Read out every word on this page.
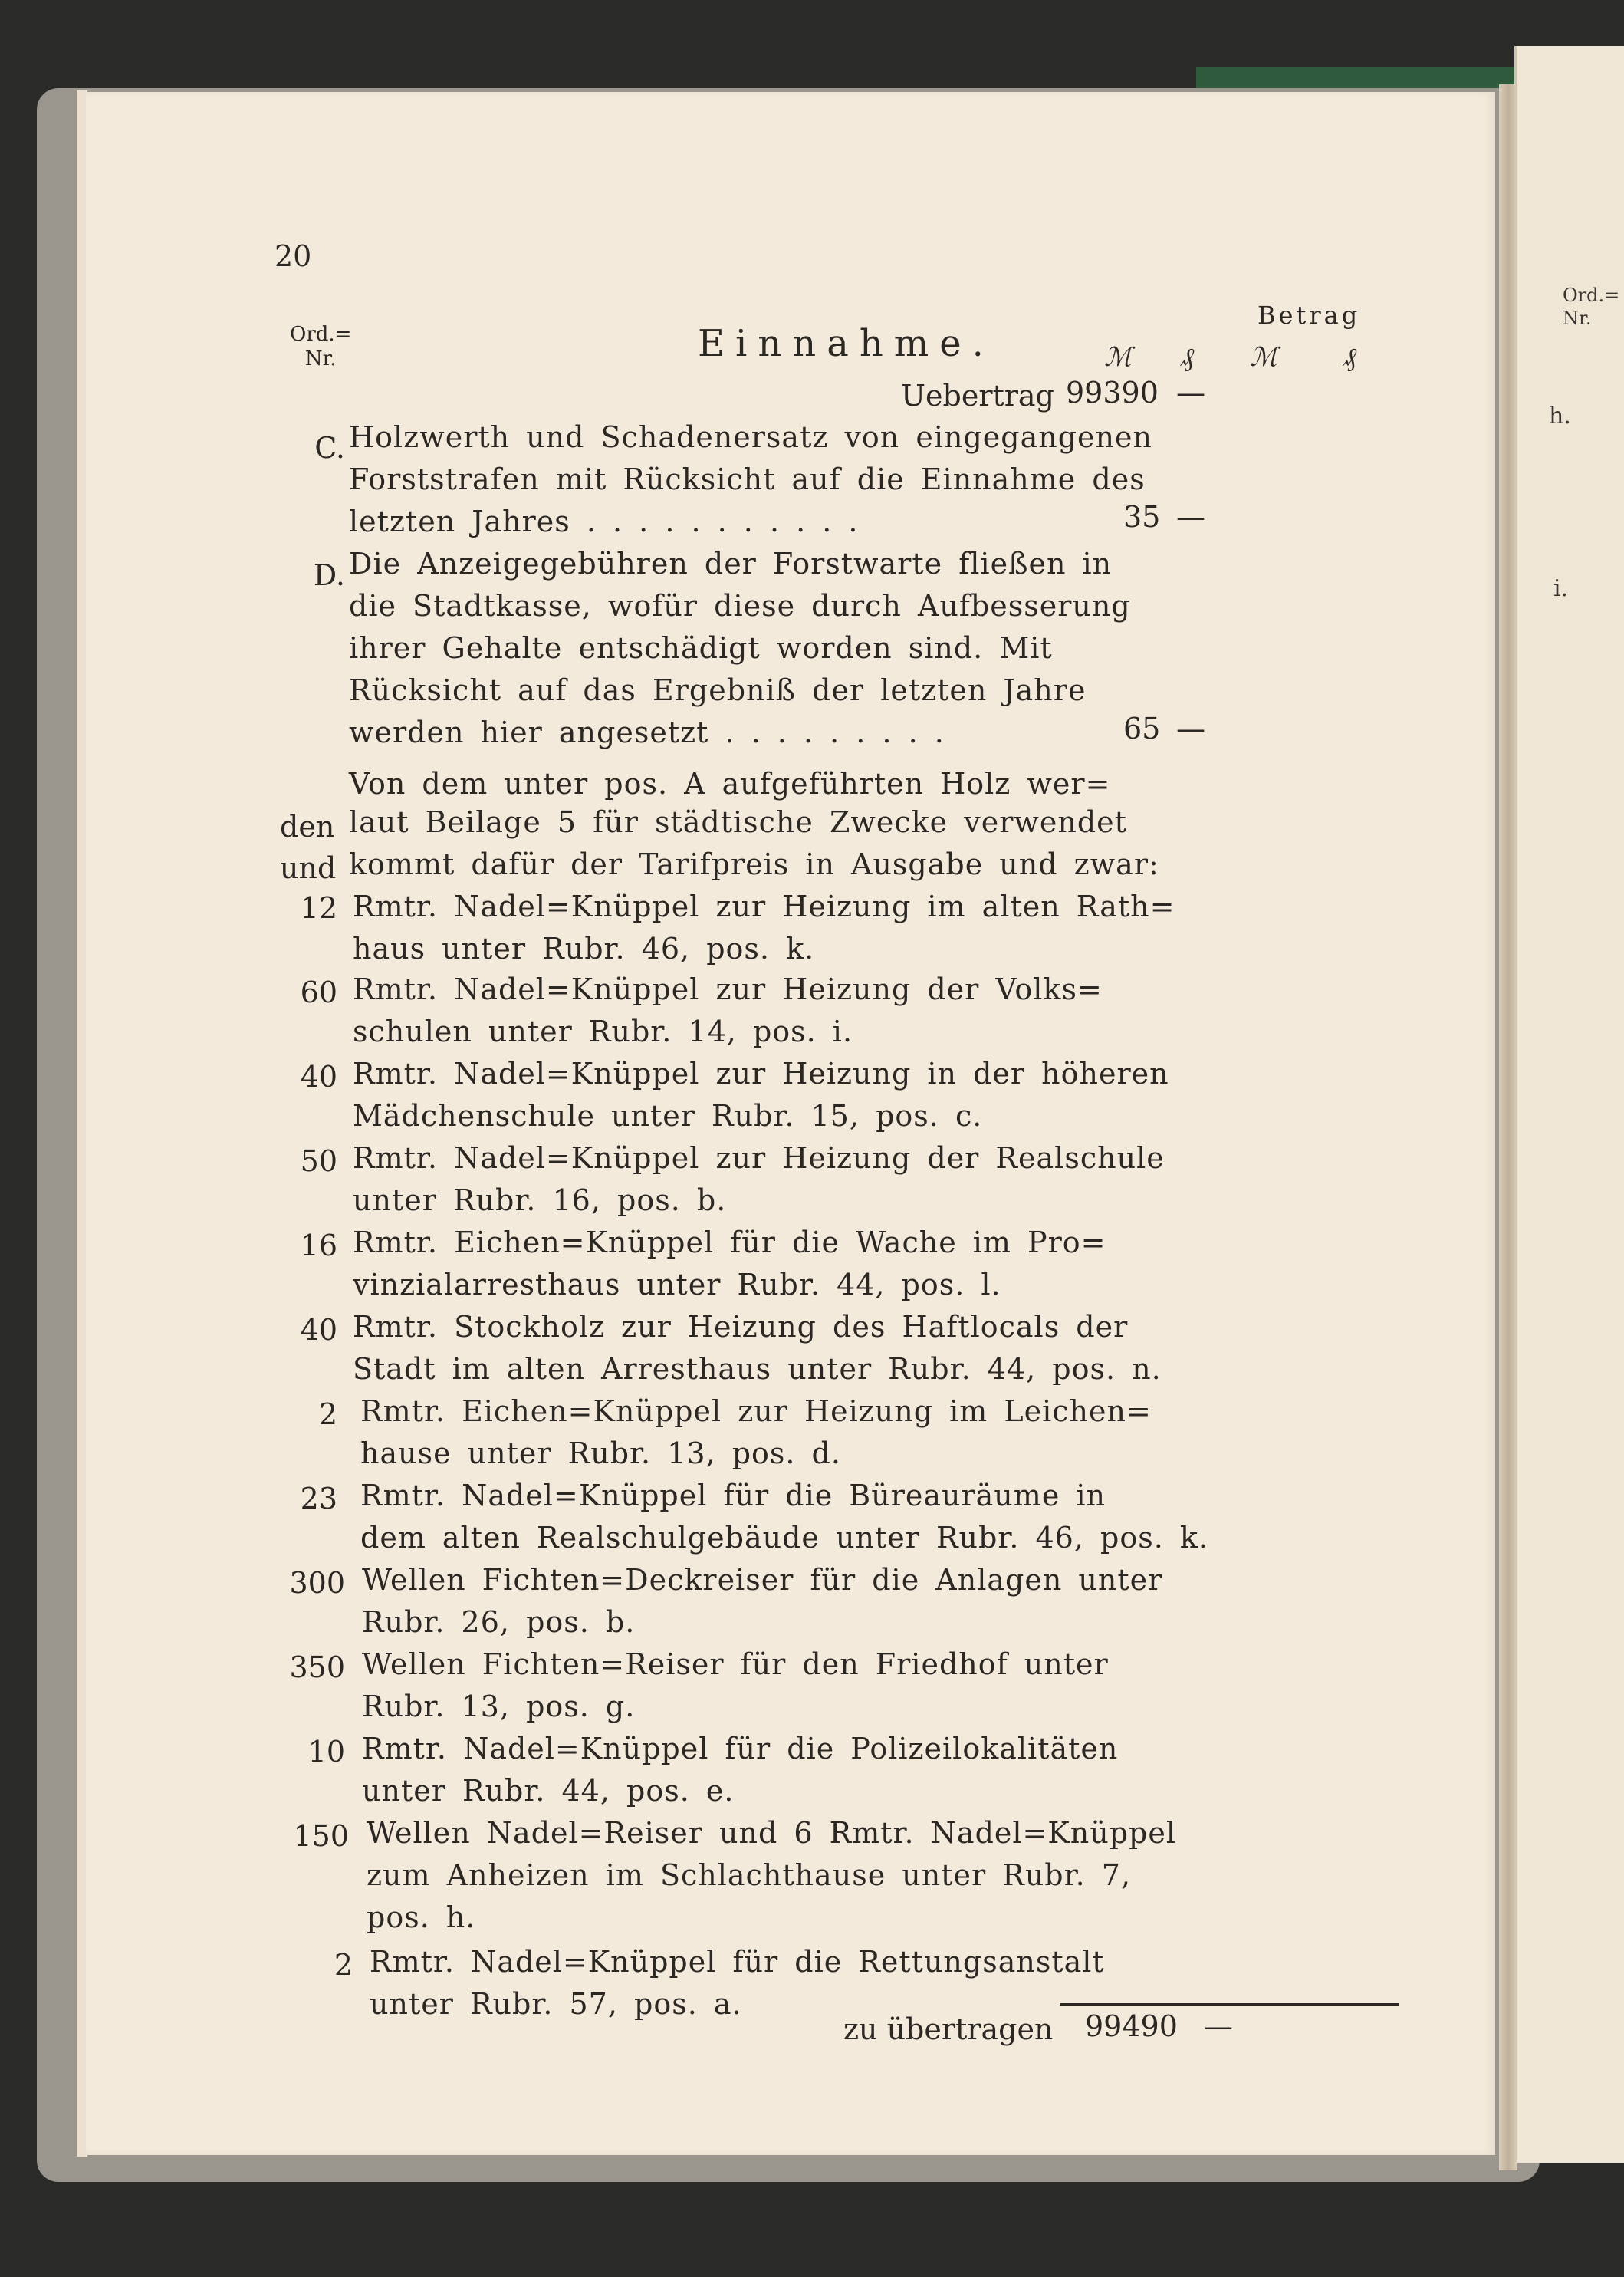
Ord.=
Nr.
h.
i.
20
Ord.=
Nr.	Einnahme.
Betrag
ℳ ₰ ℳ	₰
Uebertrag 99390 —
C. Holzwerth und Schadenersatz von eingegangenen
Forststrafen mit Rücksicht auf die Einnahme des
letzten Jahres . . . . . . . . . . .	35 —
D. Die Anzeigegebühren der Forstwarte fließen in
die Stadtkasse, wofür diese durch Aufbesserung
ihrer Gehalte entschädigt worden sind. Mit
Rücksicht auf das Ergebniß der letzten Jahre
werden hier angesetzt . . . . . . . . .	65 —
Von dem unter pos. A aufgeführten Holz wer=
den laut Beilage 5 für städtische Zwecke verwendet
und kommt dafür der Tarifpreis in Ausgabe und zwar:
12 Rmtr. Nadel=Knüppel zur Heizung im alten Rath=
haus unter Rubr. 46, pos. k.
60 Rmtr. Nadel=Knüppel zur Heizung der Volks=
schulen unter Rubr. 14, pos. i.
40 Rmtr. Nadel=Knüppel zur Heizung in der höheren
Mädchenschule unter Rubr. 15, pos. c.
50 Rmtr. Nadel=Knüppel zur Heizung der Realschule
unter Rubr. 16, pos. b.
16 Rmtr. Eichen=Knüppel für die Wache im Pro=
vinzialarresthaus unter Rubr. 44, pos. l.
40 Rmtr. Stockholz zur Heizung des Haftlocals der
Stadt im alten Arresthaus unter Rubr. 44, pos. n.
2 Rmtr. Eichen=Knüppel zur Heizung im Leichen=
hause unter Rubr. 13, pos. d.
23 Rmtr. Nadel=Knüppel für die Büreauräume in
dem alten Realschulgebäude unter Rubr. 46, pos. k.
300 Wellen Fichten=Deckreiser für die Anlagen unter
Rubr. 26, pos. b.
350 Wellen Fichten=Reiser für den Friedhof unter
Rubr. 13, pos. g.
10 Rmtr. Nadel=Knüppel für die Polizeilokalitäten
unter Rubr. 44, pos. e.
150 Wellen Nadel=Reiser und 6 Rmtr. Nadel=Knüppel
zum Anheizen im Schlachthause unter Rubr. 7,
pos. h.
2 Rmtr. Nadel=Knüppel für die Rettungsanstalt
unter Rubr. 57, pos. a.
zu übertragen 99490 —
